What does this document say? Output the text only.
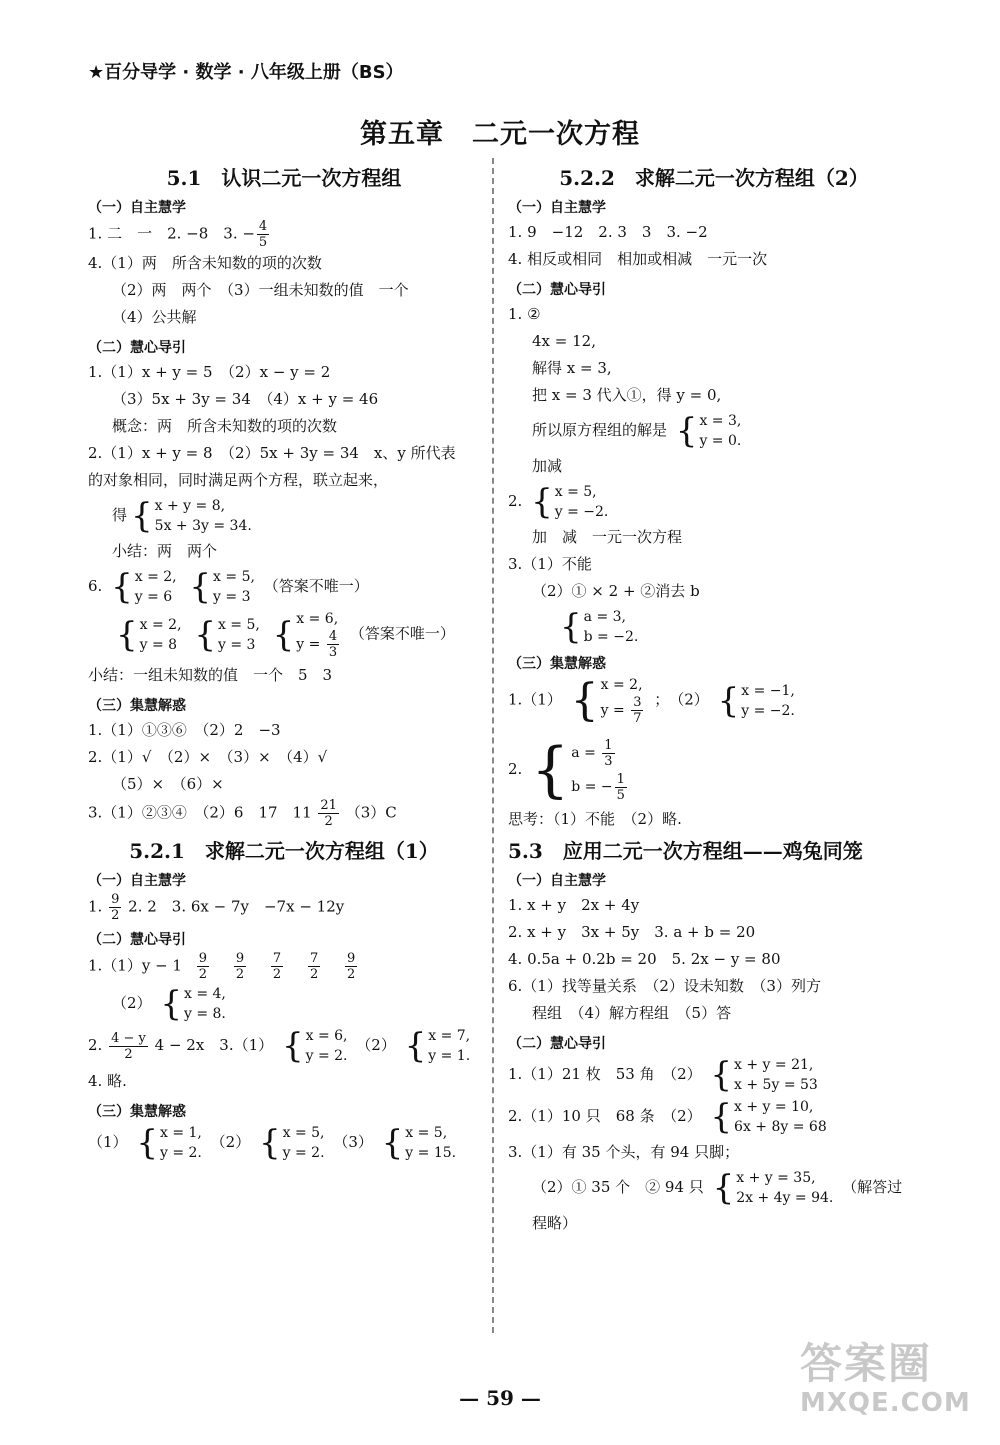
★百分导学 · 数学 · 八年级上册（BS）
第五章　二元一次方程
5.1　认识二元一次方程组
（一）自主慧学
1. 二　一　2. −8　3. − $\frac{4}{5}$
4.（1）两　所含未知数的项的次数
（2）两　两个　（3）一组未知数的值　一个
（4）公共解
（二）慧心导引
1.（1）x + y = 5　（2）x − y = 2
（3）5x + 3y = 34　（4）x + y = 46
概念：两　所含未知数的项的次数
2.（1）x + y = 8　（2）5x + 3y = 34　x、y 所代表
的对象相同，同时满足两个方程，联立起来，
得 { x + y = 8,
5x + 3y = 34.
小结：两　两个
6. { x = 2,
y = 6
{ x = 5,
y = 3
（答案不唯一）
{ x = 2,
y = 8
{ x = 5,
y = 3
{ x = 6,
$y = \frac{4}{3}$ （答案不唯一）
小结：一组未知数的值　一个　5　3
（三）集慧解惑
1.（1）①③⑥　（2）2　−3
2.（1）√　（2）×　（3）×　（4）√
（5）×　（6）×
3.（1）②③④　（2）6　17　$11 \frac{21}{2} (3)C$
5.2.1　求解二元一次方程组（1）
（一）自主慧学
1. $\frac{9}{2} 2$. 2　3. 6x − 7y　−7x − 12y
（二）慧心导引
$1.(1)y - 1 \frac{9}{2}$
$\frac{9}{2}$
$\frac{7}{2}$
$\frac{7}{2}$
$\frac{9}{2}$
（2） { x = 4,
y = 8.
2. $\frac{4 - y}{2} 4 - 2x$　3.（1） { x = 6,
y = 2.
（2） { x = 7,
y = 1.
4. 略.
（三）集慧解惑
（1） { x = 1,
y = 2.
（2） { x = 5,
y = 2.
（3） { x = 5,
y = 15.
5.2.2　求解二元一次方程组（2）
（一）自主慧学
1. 9　−12　2. 3　3　3. −2
4. 相反或相同　相加或相减　一元一次
（二）慧心导引
1. ②
4x = 12,
解得 x = 3,
把 x = 3 代入①，得 y = 0,
所以原方程组的解是 { x = 3,
y = 0.
加减
2. { x = 5,
y = −2.
加　减　一元一次方程
3.（1）不能
（2）① × 2 + ②消去 b
{ a = 3,
b = −2.
（三）集慧解惑
1.（1） { x = 2,
$y = \frac{3}{7}$ ；　（2） { x = −1,
y = −2.
2. { $a = \frac{1}{3}$
b = − $\frac{1}{5}$
思考：（1）不能　（2）略.
5.3　应用二元一次方程组——鸡兔同笼
（一）自主慧学
1. x + y　2x + 4y
2. x + y　3x + 5y　3. a + b = 20
4. 0.5a + 0.2b = 20　5. 2x − y = 80
6.（1）找等量关系　（2）设未知数　（3）列方
程组　（4）解方程组　（5）答
（二）慧心导引
1.（1）21 枚　53 角　（2） { x + y = 21,
x + 5y = 53
2.（1）10 只　68 条　（2） { x + y = 10,
6x + 8y = 68
3.（1）有 35 个头，有 94 只脚；
（2）① 35 个　② 94 只 { x + y = 35,
2x + 4y = 94.
（解答过
程略）
— 59 —
答案圈
MXQE.COM
